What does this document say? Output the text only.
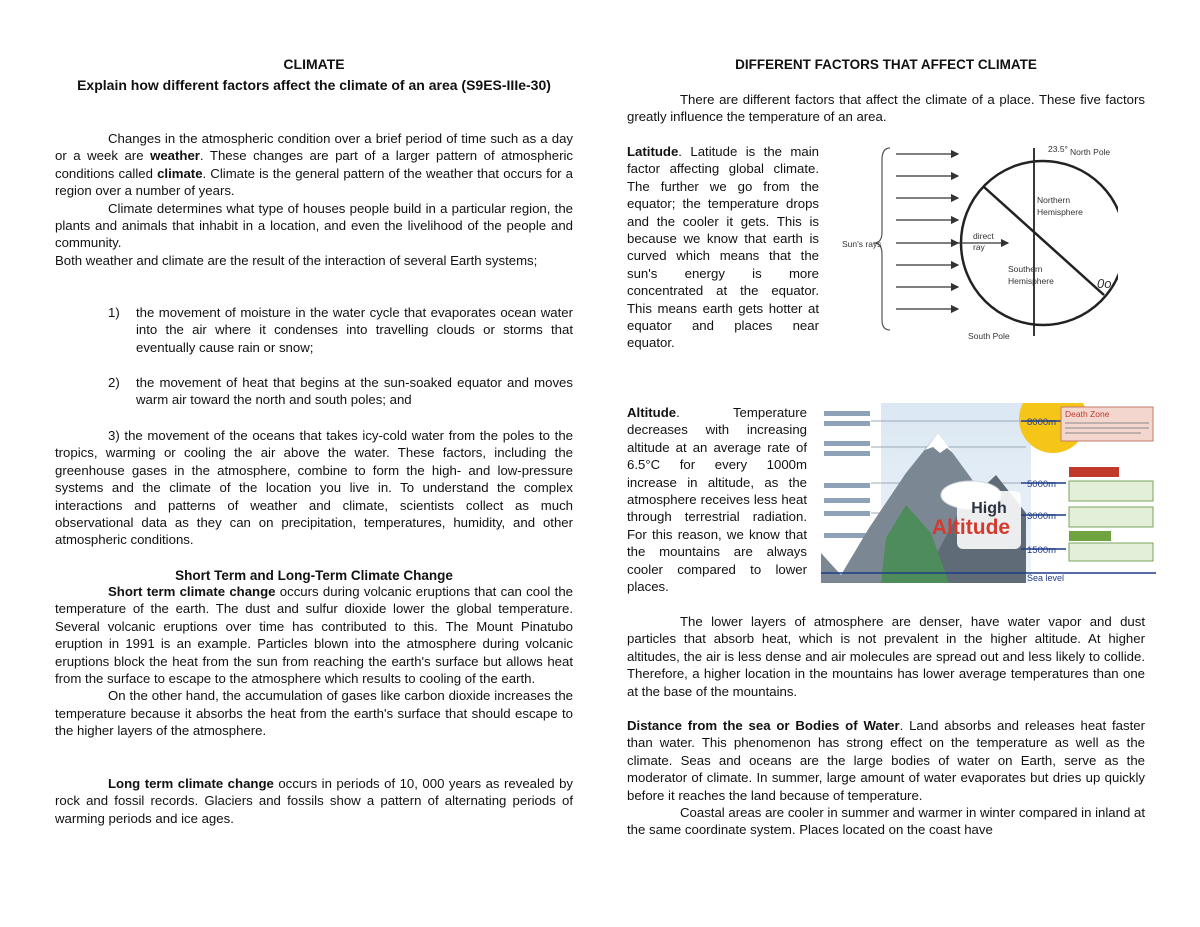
CLIMATE
Explain how different factors affect the climate of an area (S9ES-IIIe-30)

Changes in the atmospheric condition over a brief period of time such as a day or a week are weather. These changes are part of a larger pattern of atmospheric conditions called climate. Climate is the general pattern of the weather that occurs for a region over a number of years.

Climate determines what type of houses people build in a particular region, the plants and animals that inhabit in a location, and even the livelihood of the people and community.

Both weather and climate are the result of the interaction of several Earth systems;

1) the movement of moisture in the water cycle that evaporates ocean water into the air where it condenses into travelling clouds or storms that eventually cause rain or snow;

2) the movement of heat that begins at the sun-soaked equator and moves warm air toward the north and south poles; and

3) the movement of the oceans that takes icy-cold water from the poles to the tropics, warming or cooling the air above the water. These factors, including the greenhouse gases in the atmosphere, combine to form the high- and low-pressure systems and the climate of the location you live in. To understand the complex interactions and patterns of weather and climate, scientists collect as much observational data as they can on precipitation, temperatures, humidity, and other atmospheric conditions.

Short Term and Long-Term Climate Change

Short term climate change occurs during volcanic eruptions that can cool the temperature of the earth. The dust and sulfur dioxide lower the global temperature. Several volcanic eruptions over time has contributed to this. The Mount Pinatubo eruption in 1991 is an example. Particles blown into the atmosphere during volcanic eruptions block the heat from the sun from reaching the earth's surface but allows heat from the surface to escape to the atmosphere which results to cooling of the earth.

On the other hand, the accumulation of gases like carbon dioxide increases the temperature because it absorbs the heat from the earth's surface that should escape to the higher layers of the atmosphere.

Long term climate change occurs in periods of 10, 000 years as revealed by rock and fossil records. Glaciers and fossils show a pattern of alternating periods of warming periods and ice ages.

DIFFERENT FACTORS THAT AFFECT CLIMATE

There are different factors that affect the climate of a place. These five factors greatly influence the temperature of an area.

Latitude. Latitude is the main factor affecting global climate. The further we go from the equator; the temperature drops and the cooler it gets. This is because we know that earth is curved which means that the sun's energy is more concentrated at the equator. This means earth gets hotter at equator and places near equator.

Altitude. Temperature decreases with increasing altitude at an average rate of 6.5°C for every 1000m increase in altitude, as the atmosphere receives less heat through terrestrial radiation. For this reason, we know that the mountains are always cooler compared to lower places.

The lower layers of atmosphere are denser, have water vapor and dust particles that absorb heat, which is not prevalent in the higher altitude. At higher altitudes, the air is less dense and air molecules are spread out and less likely to collide. Therefore, a higher location in the mountains has lower average temperatures than one at the base of the mountains.

Distance from the sea or Bodies of Water. Land absorbs and releases heat faster than water. This phenomenon has strong effect on the temperature as well as the climate. Seas and oceans are the large bodies of water on Earth, serve as the moderator of climate. In summer, large amount of water evaporates but dries up quickly before it reaches the land because of temperature.

Coastal areas are cooler in summer and warmer in winter compared in inland at the same coordinate system. Places located on the coast have

Sun's rays
23.5° North Pole
Northern
Hemisphere
direct
ray
Southern
Hemisphere
South Pole
0o
High
Altitude
8000m
5000m
3000m
1500m
Death Zone
Sea level
